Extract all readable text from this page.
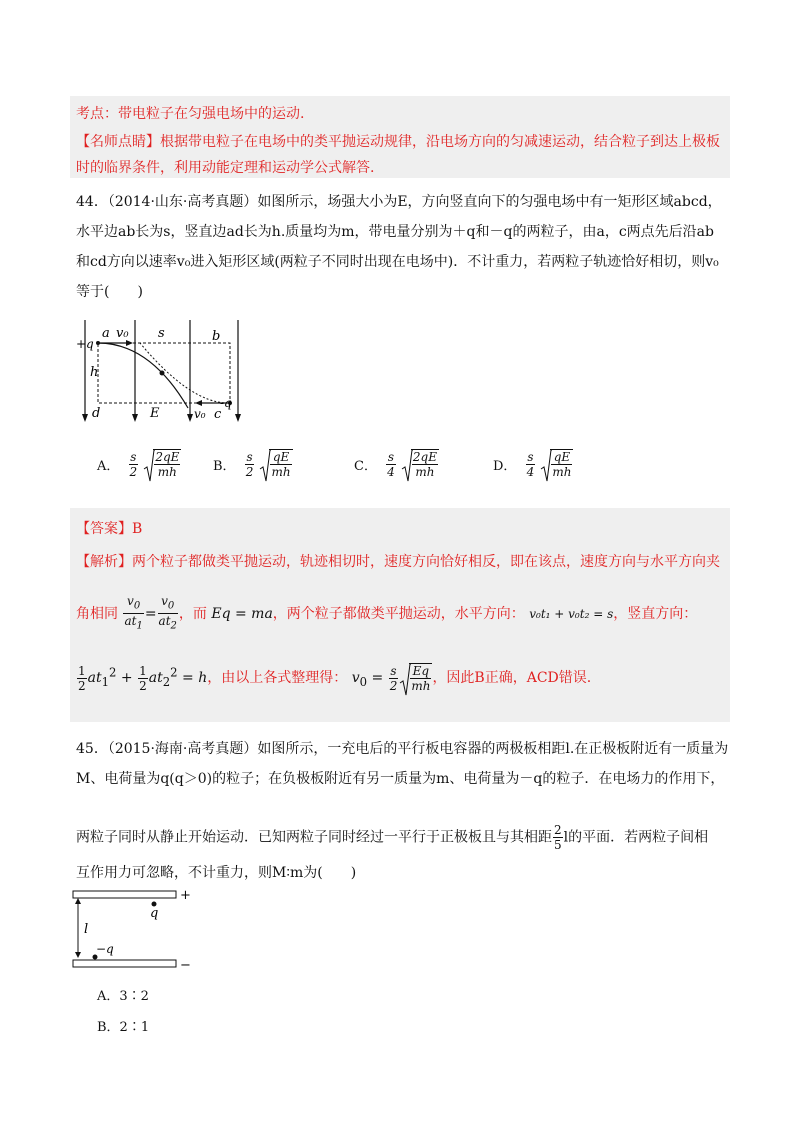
考点：带电粒子在匀强电场中的运动.
【名师点睛】根据带电粒子在电场中的类平抛运动规律，沿电场方向的匀减速运动，结合粒子到达上极板
时的临界条件，利用动能定理和运动学公式解答.
44．（2014·山东·高考真题）如图所示，场强大小为E，方向竖直向下的匀强电场中有一矩形区域abcd，
水平边ab长为s，竖直边ad长为h.质量均为m，带电量分别为＋q和－q的两粒子，由a，c两点先后沿ab
和cd方向以速率v₀进入矩形区域(两粒子不同时出现在电场中)．不计重力，若两粒子轨迹恰好相切，则v₀
等于(　　)
a v₀ s	b
+q
h
d	E	v₀ c
-q
A． $\frac{s}{2}$
$\frac{2qE}{mh}$	B． $\frac{s}{2}$
$\frac{qE}{mh}$	C． $\frac{s}{4}$
$\frac{2qE}{mh}$	D． $\frac{s}{4}$
$\frac{qE}{mh}$
【答案】B
【解析】两个粒子都做类平抛运动，轨迹相切时，速度方向恰好相反，即在该点，速度方向与水平方向夹
角相同 $\frac{v_0}{at_1} = \frac{v_0}{at_2}$ ，而 Eq = ma，两个粒子都做类平抛运动，水平方向： v₀t₁ + v₀t₂ = s，竖直方向：
$\frac{1}{2} at_1^2 + \frac{1}{2} at_2^2 = h$，由以上各式整理得： $v_0 = \frac{s}{2} \frac{Eq}{mh}$ ，因此B正确，ACD错误.
45．（2015·海南·高考真题）如图所示，一充电后的平行板电容器的两极板相距l.在正极板附近有一质量为
M、电荷量为q(q＞0)的粒子；在负极板附近有另一质量为m、电荷量为－q的粒子．在电场力的作用下，
两粒子同时从静止开始运动．已知两粒子同时经过一平行于正极板且与其相距 $\frac{2}{5}$ l的平面．若两粒子间相
互作用力可忽略，不计重力，则M∶m为(　　)
+
q
l
−q
−
A．3∶2
B．2∶1
